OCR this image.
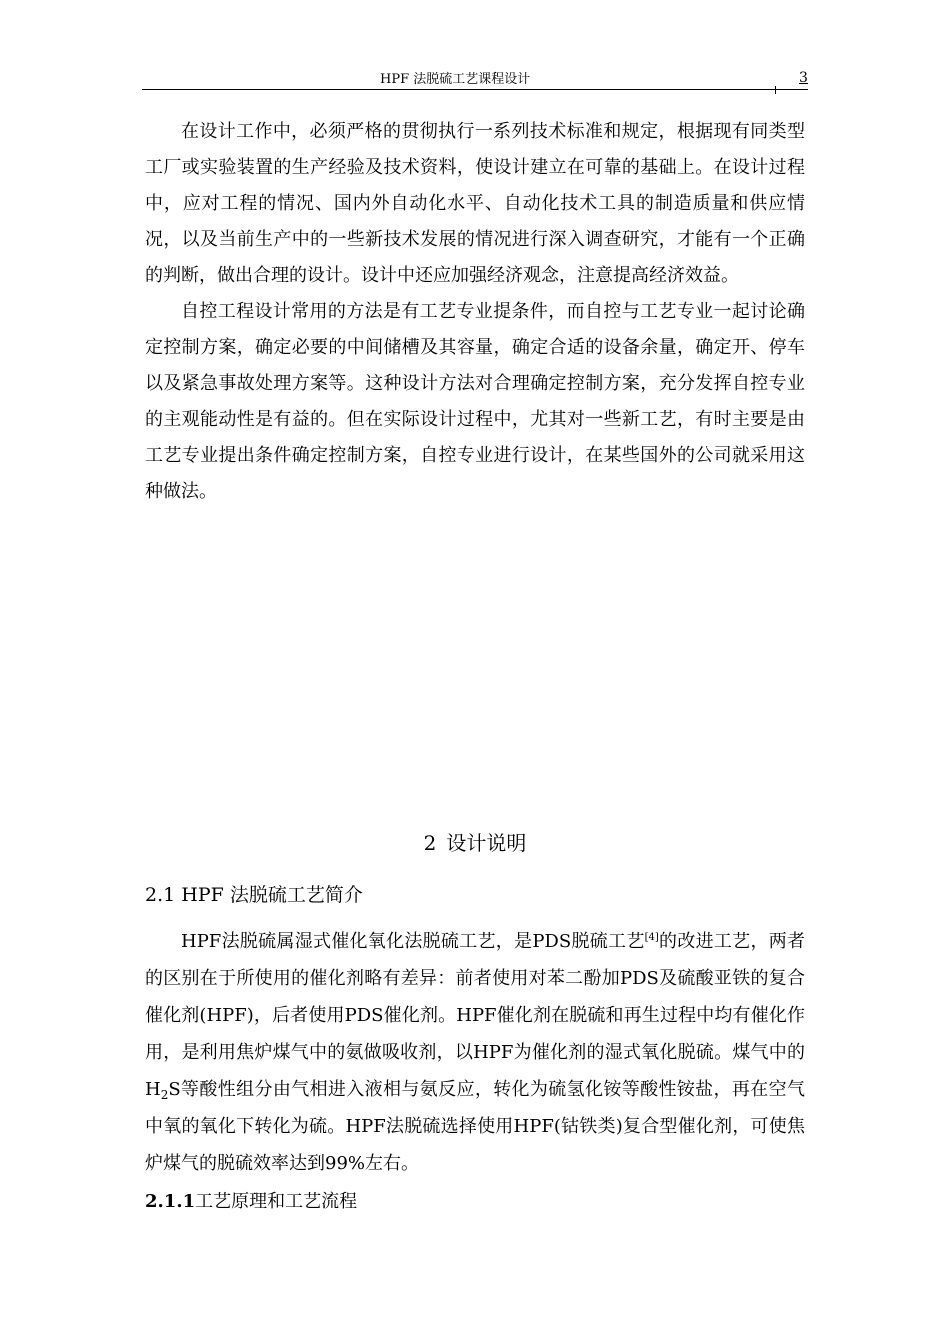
HPF 法脱硫工艺课程设计	3

在设计工作中，必须严格的贯彻执行一系列技术标准和规定，根据现有同类型工厂或实验装置的生产经验及技术资料，使设计建立在可靠的基础上。在设计过程中，应对工程的情况、国内外自动化水平、自动化技术工具的制造质量和供应情况，以及当前生产中的一些新技术发展的情况进行深入调查研究，才能有一个正确的判断，做出合理的设计。设计中还应加强经济观念，注意提高经济效益。

自控工程设计常用的方法是有工艺专业提条件，而自控与工艺专业一起讨论确定控制方案，确定必要的中间储槽及其容量，确定合适的设备余量，确定开、停车以及紧急事故处理方案等。这种设计方法对合理确定控制方案，充分发挥自控专业的主观能动性是有益的。但在实际设计过程中，尤其对一些新工艺，有时主要是由工艺专业提出条件确定控制方案，自控专业进行设计，在某些国外的公司就采用这种做法。

2 设计说明
2.1 HPF 法脱硫工艺简介

HPF法脱硫属湿式催化氧化法脱硫工艺，是PDS脱硫工艺[4]的改进工艺，两者的区别在于所使用的催化剂略有差异：前者使用对苯二酚加PDS及硫酸亚铁的复合催化剂(HPF)，后者使用PDS催化剂。HPF催化剂在脱硫和再生过程中均有催化作用，是利用焦炉煤气中的氨做吸收剂，以HPF为催化剂的湿式氧化脱硫。煤气中的$H_2S$等酸性组分由气相进入液相与氨反应，转化为硫氢化铵等酸性铵盐，再在空气中氧的氧化下转化为硫。HPF法脱硫选择使用HPF(钴铁类)复合型催化剂，可使焦炉煤气的脱硫效率达到99%左右。

2.1.1工艺原理和工艺流程
